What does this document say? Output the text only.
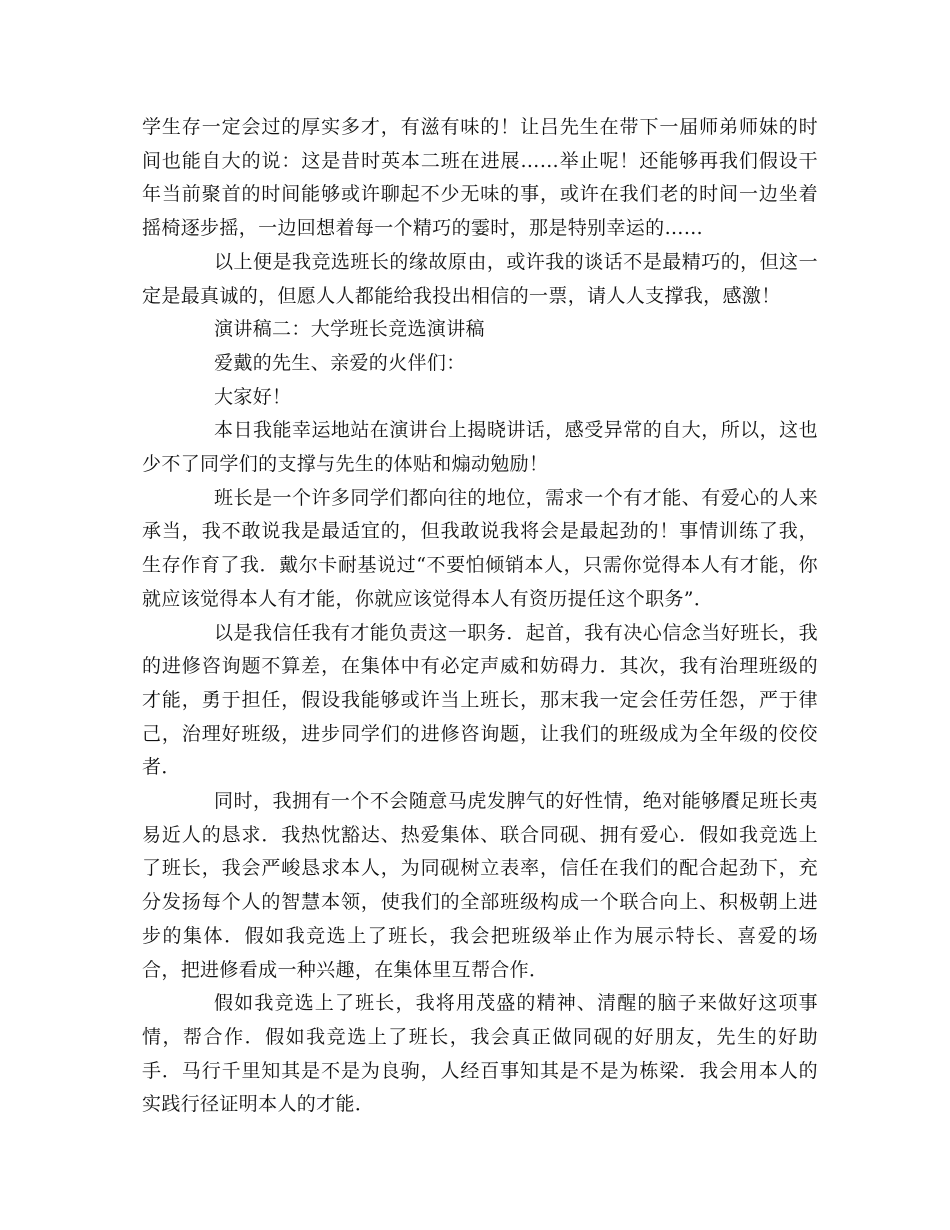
学生存一定会过的厚实多才，有滋有味的！让吕先生在带下一届师弟师妹的时间也能自大的说：这是昔时英本二班在进展……举止呢！还能够再我们假设干年当前聚首的时间能够或许聊起不少无味的事，或许在我们老的时间一边坐着摇椅逐步摇，一边回想着每一个精巧的霎时，那是特别幸运的……

以上便是我竞选班长的缘故原由，或许我的谈话不是最精巧的，但这一定是最真诚的，但愿人人都能给我投出相信的一票，请人人支撑我，感激！

演讲稿二：大学班长竞选演讲稿

爱戴的先生、亲爱的火伴们：

大家好！

本日我能幸运地站在演讲台上揭晓讲话，感受异常的自大，所以，这也少不了同学们的支撑与先生的体贴和煽动勉励！

班长是一个许多同学们都向往的地位，需求一个有才能、有爱心的人来承当，我不敢说我是最适宜的，但我敢说我将会是最起劲的！事情训练了我，生存作育了我．戴尔卡耐基说过“不要怕倾销本人，只需你觉得本人有才能，你就应该觉得本人有才能，你就应该觉得本人有资历提任这个职务”．

以是我信任我有才能负责这一职务．起首，我有决心信念当好班长，我的进修咨询题不算差，在集体中有必定声威和妨碍力．其次，我有治理班级的才能，勇于担任，假设我能够或许当上班长，那末我一定会任劳任怨，严于律己，治理好班级，进步同学们的进修咨询题，让我们的班级成为全年级的佼佼者．

同时，我拥有一个不会随意马虎发脾气的好性情，绝对能够餍足班长夷易近人的恳求．我热忱豁达、热爱集体、联合同砚、拥有爱心．假如我竞选上了班长，我会严峻恳求本人，为同砚树立表率，信任在我们的配合起劲下，充分发扬每个人的智慧本领，使我们的全部班级构成一个联合向上、积极朝上进步的集体．假如我竞选上了班长，我会把班级举止作为展示特长、喜爱的场合，把进修看成一种兴趣，在集体里互帮合作．

假如我竞选上了班长，我将用茂盛的精神、清醒的脑子来做好这项事情，帮合作．假如我竞选上了班长，我会真正做同砚的好朋友，先生的好助手．马行千里知其是不是为良驹，人经百事知其是不是为栋梁．我会用本人的实践行径证明本人的才能．
